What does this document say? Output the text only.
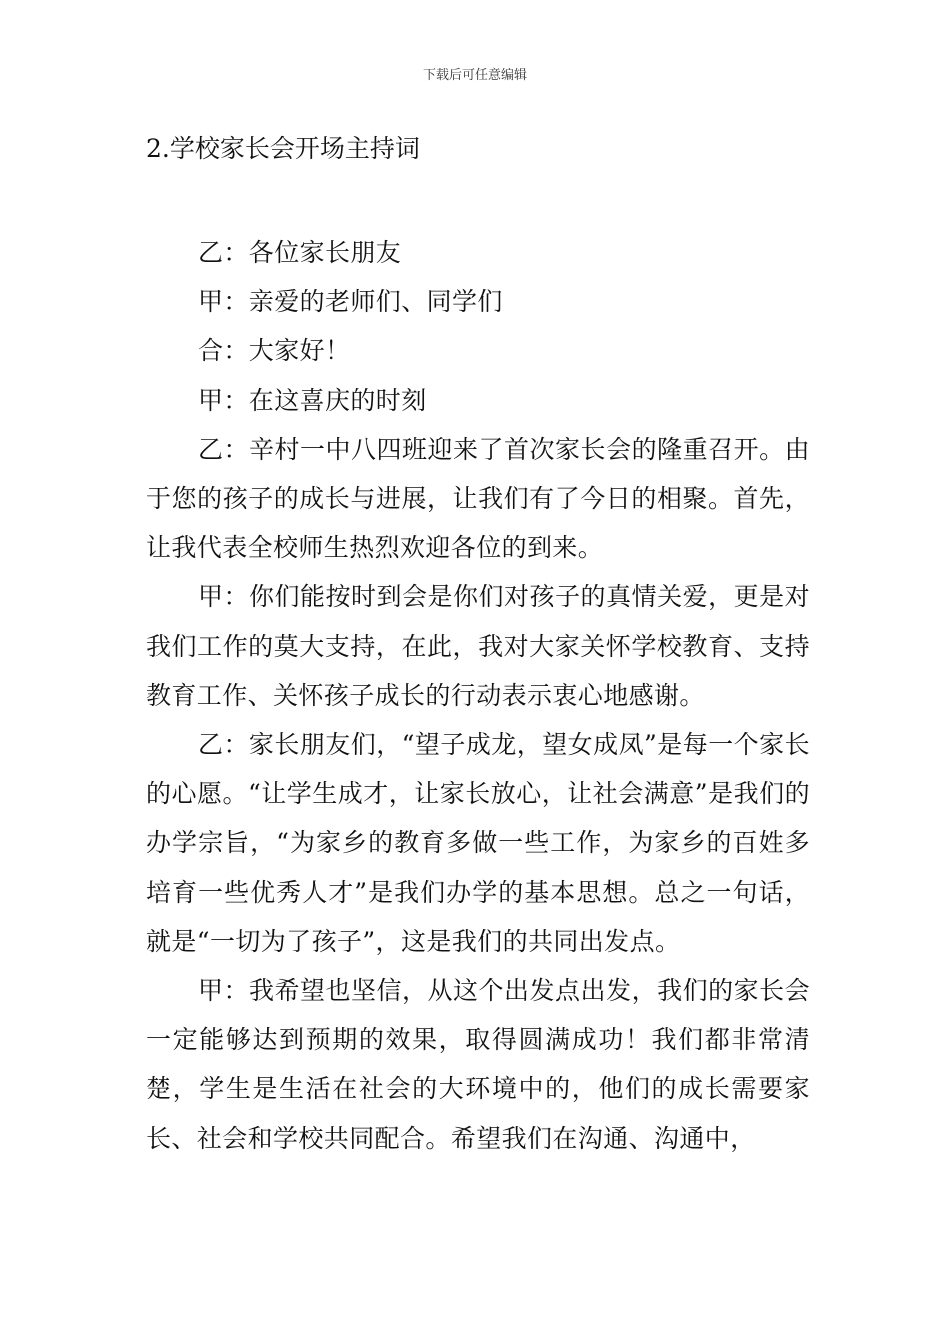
下载后可任意编辑
2.学校家长会开场主持词

乙：各位家长朋友

甲：亲爱的老师们、同学们

合：大家好！

甲：在这喜庆的时刻

乙：辛村一中八四班迎来了首次家长会的隆重召开。由于您的孩子的成长与进展，让我们有了今日的相聚。首先，让我代表全校师生热烈欢迎各位的到来。

甲：你们能按时到会是你们对孩子的真情关爱，更是对我们工作的莫大支持，在此，我对大家关怀学校教育、支持教育工作、关怀孩子成长的行动表示衷心地感谢。

乙：家长朋友们，“望子成龙，望女成凤”是每一个家长的心愿。“让学生成才，让家长放心，让社会满意”是我们的办学宗旨，“为家乡的教育多做一些工作，为家乡的百姓多培育一些优秀人才”是我们办学的基本思想。总之一句话，就是“一切为了孩子”，这是我们的共同出发点。

甲：我希望也坚信，从这个出发点出发，我们的家长会一定能够达到预期的效果，取得圆满成功！我们都非常清楚，学生是生活在社会的大环境中的，他们的成长需要家长、社会和学校共同配合。希望我们在沟通、沟通中，
